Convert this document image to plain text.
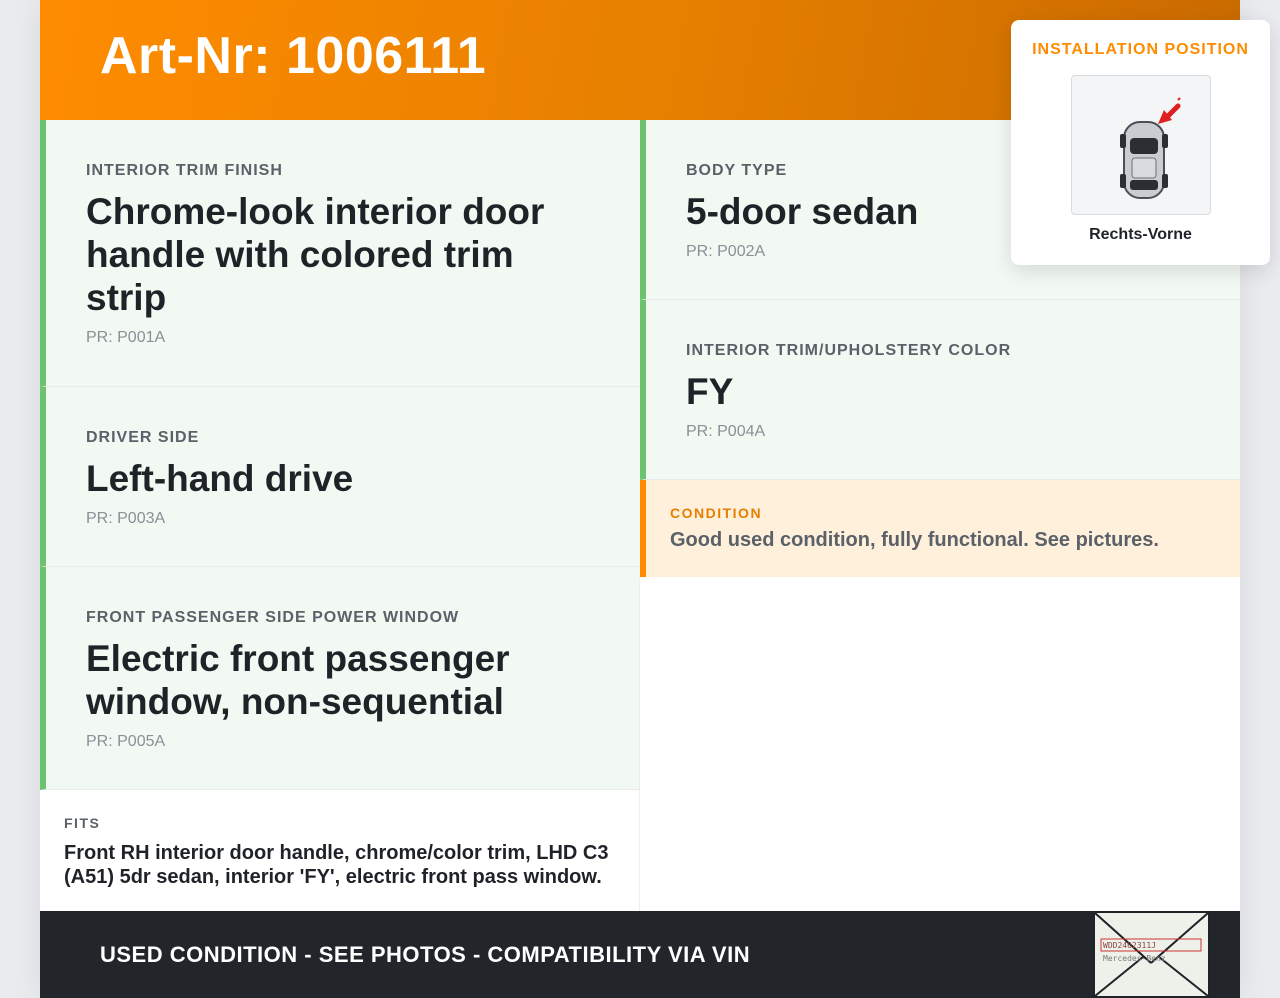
Art-Nr: 1006111
INTERIOR TRIM FINISH
Chrome-look interior door handle with colored trim strip
PR: P001A
DRIVER SIDE
Left-hand drive
PR: P003A
FRONT PASSENGER SIDE POWER WINDOW
Electric front passenger window, non-sequential
PR: P005A
BODY TYPE
5-door sedan
PR: P002A
INTERIOR TRIM/UPHOLSTERY COLOR
FY
PR: P004A
CONDITION
Good used condition, fully functional. See pictures.
FITS
Front RH interior door handle, chrome/color trim, LHD C3 (A51) 5dr sedan, interior 'FY', electric front pass window.
USED CONDITION - SEE PHOTOS - COMPATIBILITY VIA VIN	WDD2462311J
Mercedes-Benz
INSTALLATION POSITION
Rechts-Vorne
